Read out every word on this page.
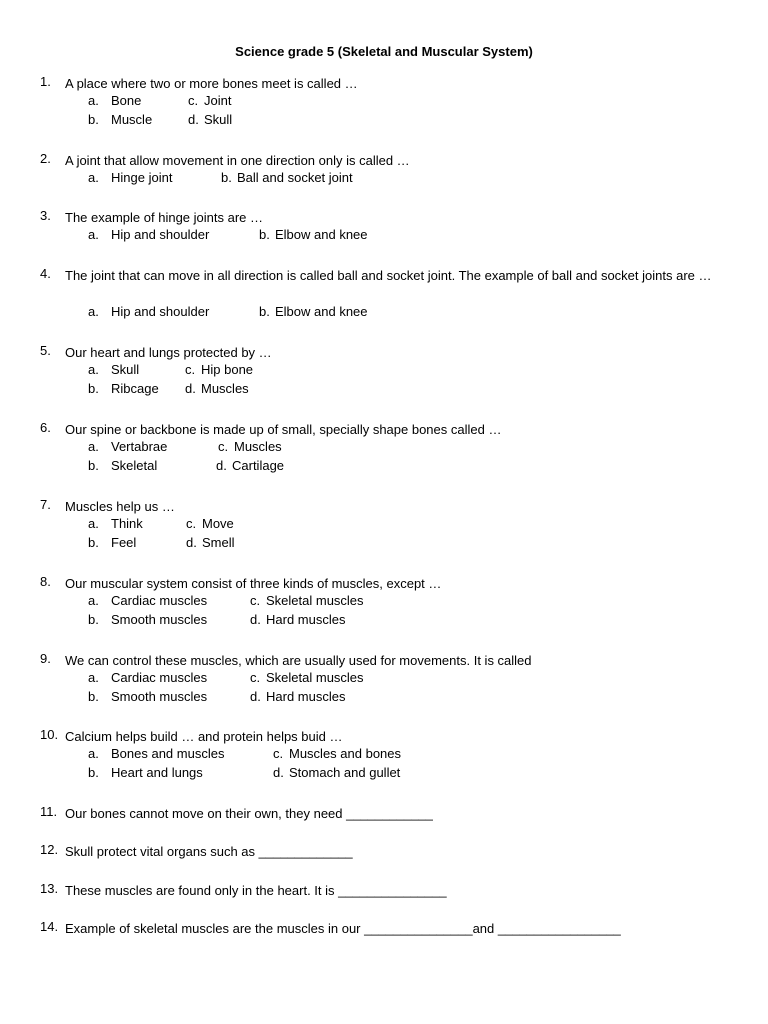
Science grade 5 (Skeletal and Muscular System)
1. A place where two or more bones meet is called …
a. Bone	c. Joint
b. Muscle	d. Skull
2. A joint that allow movement in one direction only is called …
a. Hinge joint	b. Ball and socket joint
3. The example of hinge joints are …
a. Hip and shoulder	b. Elbow and knee
4. The joint that can move in all direction is called ball and socket joint. The example of ball and socket joints are …
a. Hip and shoulder	b. Elbow and knee
5. Our heart and lungs protected by …
a. Skull	c. Hip bone
b. Ribcage d. Muscles
6. Our spine or backbone is made up of small, specially shape bones called …
a. Vertabrae	c. Muscles
b. Skeletal	d. Cartilage
7. Muscles help us …
a. Think	c. Move
b. Feel	d. Smell
8. Our muscular system consist of three kinds of muscles, except …
a. Cardiac muscles	c. Skeletal muscles
b. Smooth muscles	d. Hard muscles
9. We can control these muscles, which are usually used for movements. It is called
a. Cardiac muscles	c. Skeletal muscles
b. Smooth muscles	d. Hard muscles
10. Calcium helps build … and protein helps buid …
a. Bones and muscles	c. Muscles and bones
b. Heart and lungs	d. Stomach and gullet
11. Our bones cannot move on their own, they need ____________
12. Skull protect vital organs such as _____________
13. These muscles are found only in the heart. It is _______________
14. Example of skeletal muscles are the muscles in our _______________and _________________
